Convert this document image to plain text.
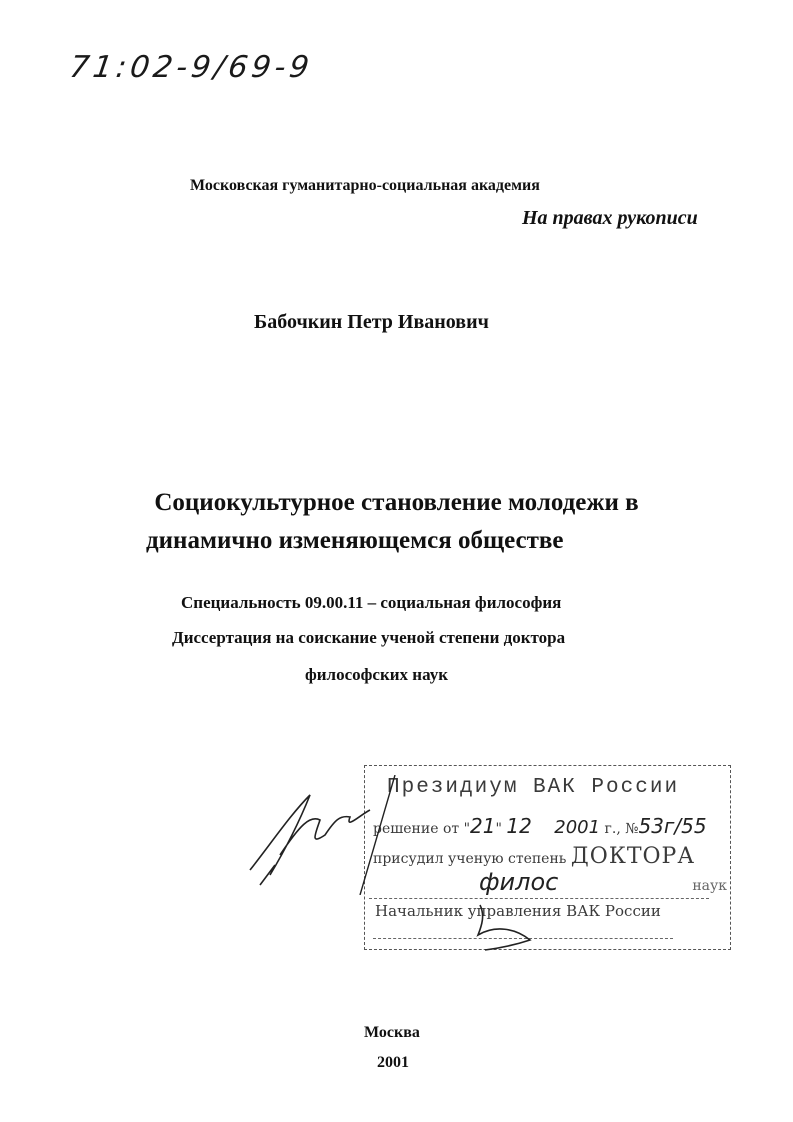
71:02-9/69-9
Московская гуманитарно-социальная академия
На правах рукописи
Бабочкин Петр Иванович
Социокультурное становление молодежи в
динамично изменяющемся обществе
Специальность 09.00.11 – социальная философия
Диссертация на соискание ученой степени доктора
философских наук
Президиум ВАК России
решение от "21" 12 2001 г., №53г/55
присудил ученую степень ДОКТОРА
филос	наук
Начальник управления ВАК России
Москва
2001
